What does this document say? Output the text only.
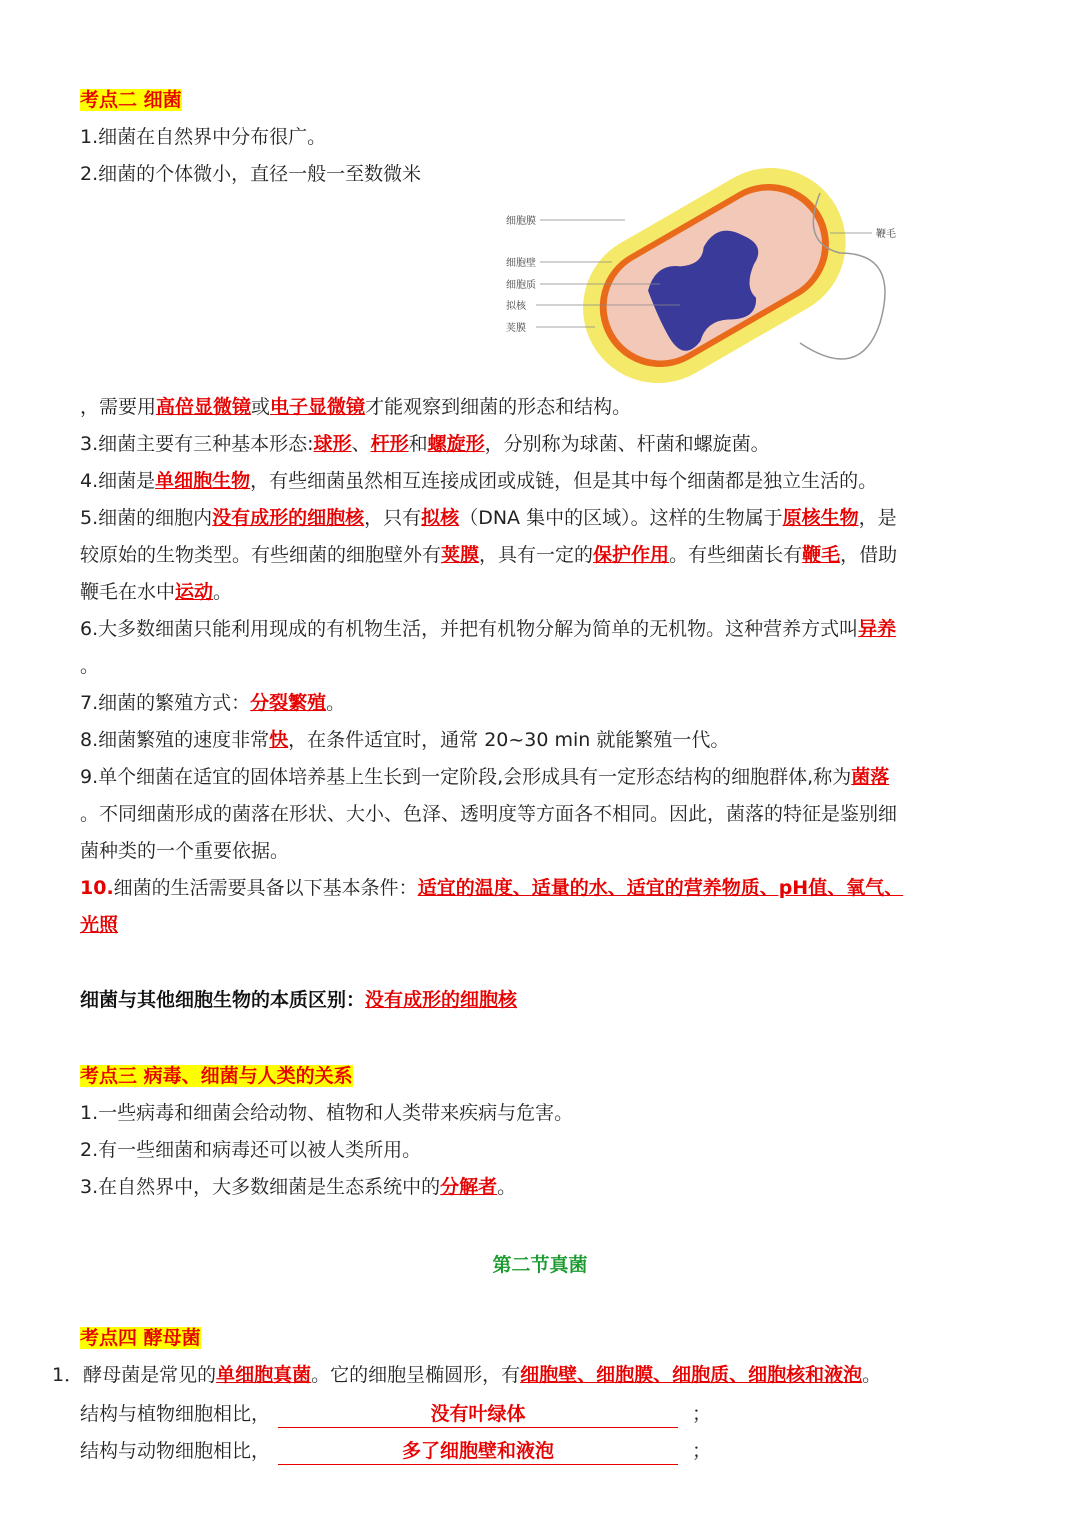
考点二 细菌
1.细菌在自然界中分布很广。
2.细菌的个体微小，直径一般一至数微米
细胞膜
细胞壁
细胞质
拟核
荚膜
鞭毛
，需要用高倍显微镜或电子显微镜才能观察到细菌的形态和结构。
3.细菌主要有三种基本形态:球形、杆形和螺旋形，分别称为球菌、杆菌和螺旋菌。
4.细菌是单细胞生物，有些细菌虽然相互连接成团或成链，但是其中每个细菌都是独立生活的。
5.细菌的细胞内没有成形的细胞核，只有拟核（DNA 集中的区域）。这样的生物属于原核生物，是
较原始的生物类型。有些细菌的细胞壁外有荚膜，具有一定的保护作用。有些细菌长有鞭毛，借助
鞭毛在水中运动。
6.大多数细菌只能利用现成的有机物生活，并把有机物分解为简单的无机物。这种营养方式叫异养
。
7.细菌的繁殖方式：分裂繁殖。
8.细菌繁殖的速度非常快，在条件适宜时，通常 20~30 min 就能繁殖一代。
9.单个细菌在适宜的固体培养基上生长到一定阶段,会形成具有一定形态结构的细胞群体,称为菌落
。不同细菌形成的菌落在形状、大小、色泽、透明度等方面各不相同。因此，菌落的特征是鉴别细
菌种类的一个重要依据。
10.细菌的生活需要具备以下基本条件：适宜的温度、适量的水、适宜的营养物质、pH值、氧气、
光照
细菌与其他细胞生物的本质区别：没有成形的细胞核
考点三 病毒、细菌与人类的关系
1.一些病毒和细菌会给动物、植物和人类带来疾病与危害。
2.有一些细菌和病毒还可以被人类所用。
3.在自然界中，大多数细菌是生态系统中的分解者。
第二节真菌
考点四 酵母菌
1．酵母菌是常见的单细胞真菌。它的细胞呈椭圆形，有细胞壁、细胞膜、细胞质、细胞核和液泡。
结构与植物细胞相比，	没有叶绿体	；
结构与动物细胞相比，	多了细胞壁和液泡	；
